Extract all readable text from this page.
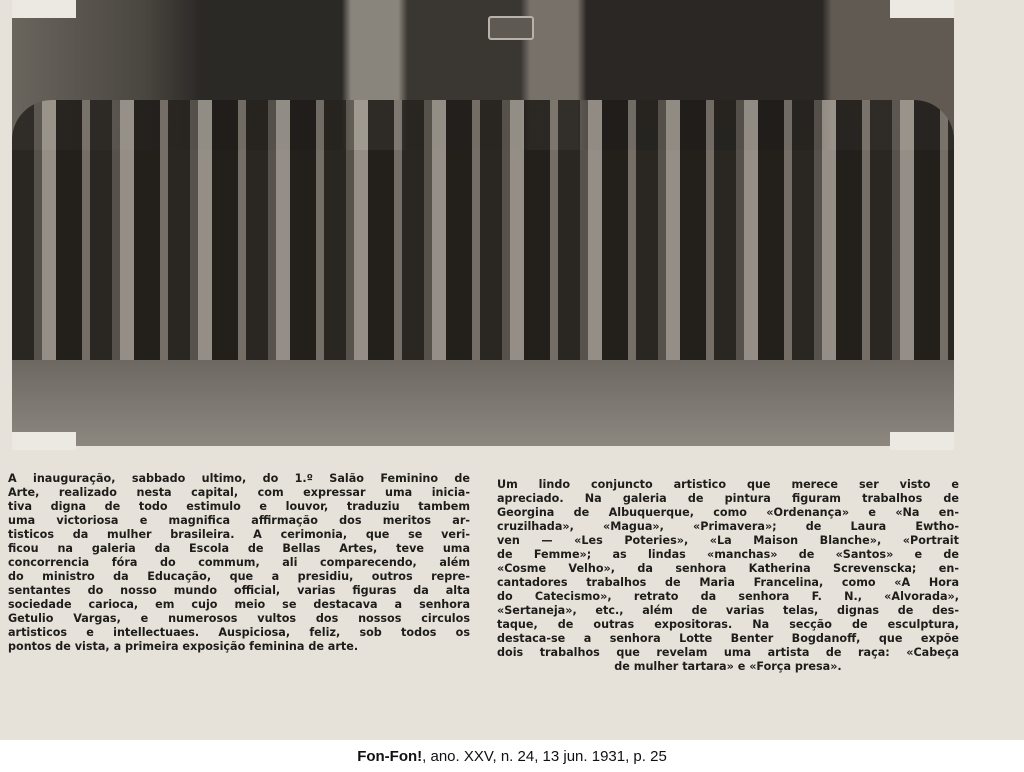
A inauguração, sabbado ultimo, do 1.º Salão Feminino de
Arte, realizado nesta capital, com expressar uma inicia-
tiva digna de todo estimulo e louvor, traduziu tambem
uma victoriosa e magnifica affirmação dos meritos ar-
tisticos da mulher brasileira. A cerimonia, que se veri-
ficou na galeria da Escola de Bellas Artes, teve uma
concorrencia fóra do commum, ali comparecendo, além
do ministro da Educação, que a presidiu, outros repre-
sentantes do nosso mundo official, varias figuras da alta
sociedade carioca, em cujo meio se destacava a senhora
Getulio Vargas, e numerosos vultos dos nossos circulos
artisticos e intellectuaes. Auspiciosa, feliz, sob todos os
pontos de vista, a primeira exposição feminina de arte.
Um lindo conjuncto artistico que merece ser visto e
apreciado. Na galeria de pintura figuram trabalhos de
Georgina de Albuquerque, como «Ordenança» e «Na en-
cruzilhada», «Magua», «Primavera»; de Laura Ewtho-
ven — «Les Poteries», «La Maison Blanche», «Portrait
de Femme»; as lindas «manchas» de «Santos» e de
«Cosme Velho», da senhora Katherina Screvenscka; en-
cantadores trabalhos de Maria Francelina, como «A Hora
do Catecismo», retrato da senhora F. N., «Alvorada»,
«Sertaneja», etc., além de varias telas, dignas de des-
taque, de outras expositoras. Na secção de esculptura,
destaca-se a senhora Lotte Benter Bogdanoff, que expõe
dois trabalhos que revelam uma artista de raça: «Cabeça
de mulher tartara» e «Força presa».
Fon-Fon!, ano. XXV, n. 24, 13 jun. 1931, p. 25
